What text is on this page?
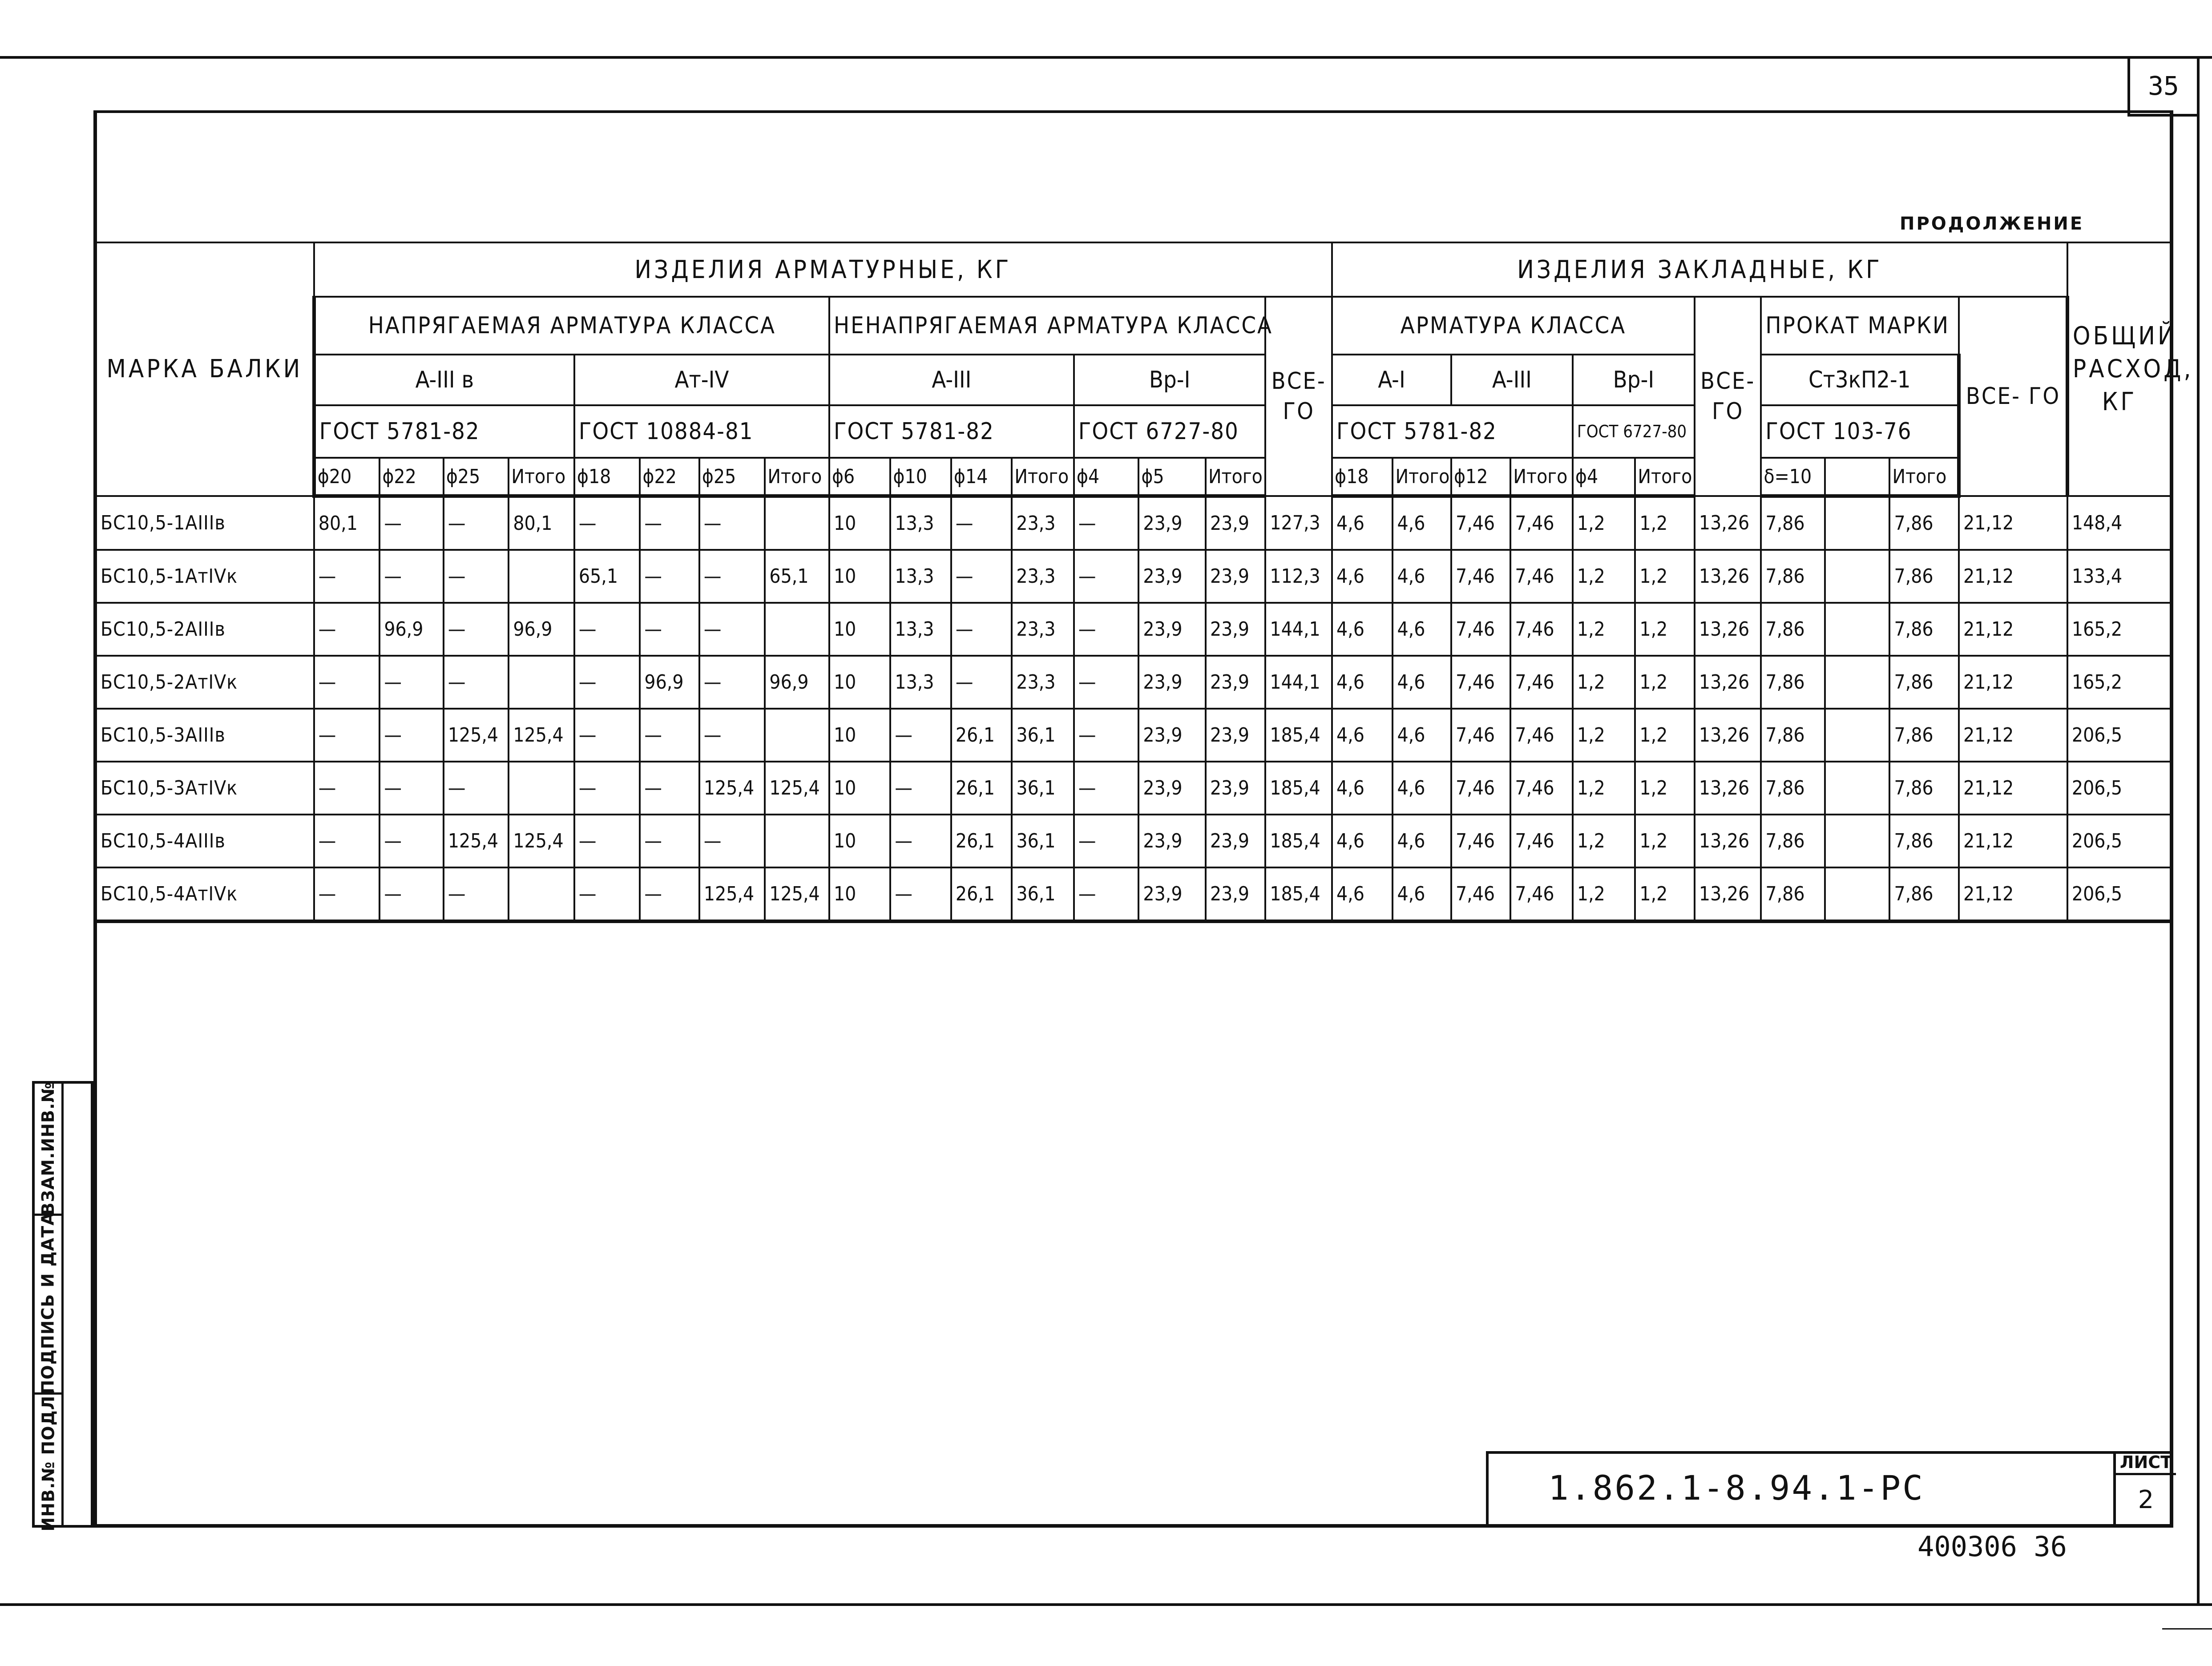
35
ПРОДОЛЖЕНИЕ
МАРКА БАЛКИ	ИЗДЕЛИЯ АРМАТУРНЫЕ, КГ																ИЗДЕЛИЯ ЗАКЛАДНЫЕ, КГ											ОБЩИЙ РАСХОД, КГ
	НАПРЯГАЕМАЯ АРМАТУРА КЛАССА								НЕНАПРЯГАЕМАЯ АРМАТУРА КЛАССА							ВСЕ- ГО	АРМАТУРА КЛАССА						ВСЕ- ГО	ПРОКАТ МАРКИ			ВСЕ- ГО	
	A-III в				Aт-IV				A-III				Bр-I				A-I		A-III		Bр-I			Cт3кП2-1				
	ГОСТ 5781-82				ГОСТ 10884-81				ГОСТ 5781-82				ГОСТ 6727-80				ГОСТ 5781-82				ГОСТ 6727-80			ГОСТ 103-76				
	ϕ20	ϕ22	ϕ25	Итого	ϕ18	ϕ22	ϕ25	Итого	ϕ6	ϕ10	ϕ14	Итого	ϕ4	ϕ5	Итого		ϕ18	Итого	ϕ12	Итого	ϕ4	Итого		δ=10		Итого		
БС10,5-1AIIIв	80,1	—	—	80,1	—	—	—		10	13,3	—	23,3	—	23,9	23,9	127,3	4,6	4,6	7,46	7,46	1,2	1,2	13,26	7,86		7,86	21,12	148,4
БС10,5-1AтIVк	—	—	—		65,1	—	—	65,1	10	13,3	—	23,3	—	23,9	23,9	112,3	4,6	4,6	7,46	7,46	1,2	1,2	13,26	7,86		7,86	21,12	133,4
БС10,5-2AIIIв	—	96,9	—	96,9	—	—	—		10	13,3	—	23,3	—	23,9	23,9	144,1	4,6	4,6	7,46	7,46	1,2	1,2	13,26	7,86		7,86	21,12	165,2
БС10,5-2AтIVк	—	—	—		—	96,9	—	96,9	10	13,3	—	23,3	—	23,9	23,9	144,1	4,6	4,6	7,46	7,46	1,2	1,2	13,26	7,86		7,86	21,12	165,2
БС10,5-3AIIIв	—	—	125,4	125,4	—	—	—		10	—	26,1	36,1	—	23,9	23,9	185,4	4,6	4,6	7,46	7,46	1,2	1,2	13,26	7,86		7,86	21,12	206,5
БС10,5-3AтIVк	—	—	—		—	—	125,4	125,4	10	—	26,1	36,1	—	23,9	23,9	185,4	4,6	4,6	7,46	7,46	1,2	1,2	13,26	7,86		7,86	21,12	206,5
БС10,5-4AIIIв	—	—	125,4	125,4	—	—	—		10	—	26,1	36,1	—	23,9	23,9	185,4	4,6	4,6	7,46	7,46	1,2	1,2	13,26	7,86		7,86	21,12	206,5
БС10,5-4AтIVк	—	—	—		—	—	125,4	125,4	10	—	26,1	36,1	—	23,9	23,9	185,4	4,6	4,6	7,46	7,46	1,2	1,2	13,26	7,86		7,86	21,12	206,5
1.862.1-8.94.1-РС
ЛИСТ
2
400306 36
ВЗАМ.ИНВ.№
ПОДПИСЬ И ДАТА
ИНВ.№ ПОДЛ.
